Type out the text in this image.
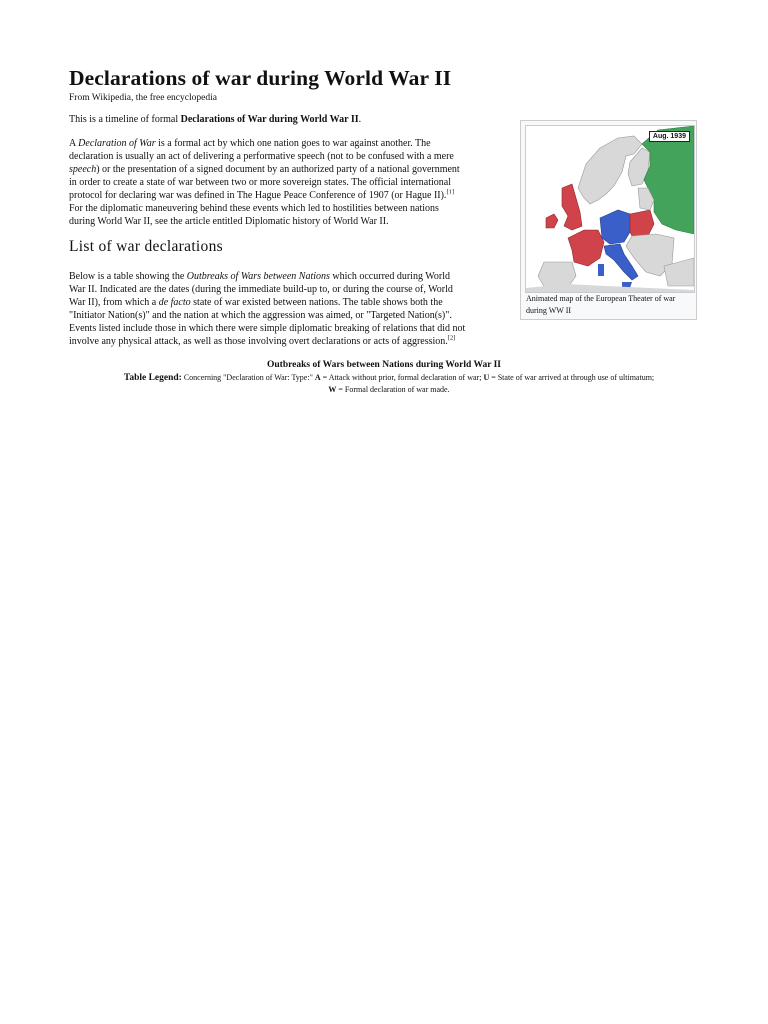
Declarations of war during World War II
From Wikipedia, the free encyclopedia
This is a timeline of formal Declarations of War during World War II.
A Declaration of War is a formal act by which one nation goes to war against another. The
declaration is usually an act of delivering a performative speech (not to be confused with a mere
speech) or the presentation of a signed document by an authorized party of a national government
in order to create a state of war between two or more sovereign states. The official international
protocol for declaring war was defined in The Hague Peace Conference of 1907 (or Hague II).[1]
For the diplomatic maneuvering behind these events which led to hostilities between nations
during World War II, see the article entitled Diplomatic history of World War II.
List of war declarations
Below is a table showing the Outbreaks of Wars between Nations which occurred during World
War II. Indicated are the dates (during the immediate build-up to, or during the course of, World
War II), from which a de facto state of war existed between nations. The table shows both the
"Initiator Nation(s)" and the nation at which the aggression was aimed, or "Targeted Nation(s)".
Events listed include those in which there were simple diplomatic breaking of relations that did not
involve any physical attack, as well as those involving overt declarations or acts of aggression.[2]
Aug. 1939
Animated map of the European Theater of war during WW II
Outbreaks of Wars between Nations during World War II
Table Legend: Concerning "Declaration of War: Type:" A = Attack without prior, formal declaration of war; U = State of war arrived at through use of ultimatum;
W = Formal declaration of war made.
